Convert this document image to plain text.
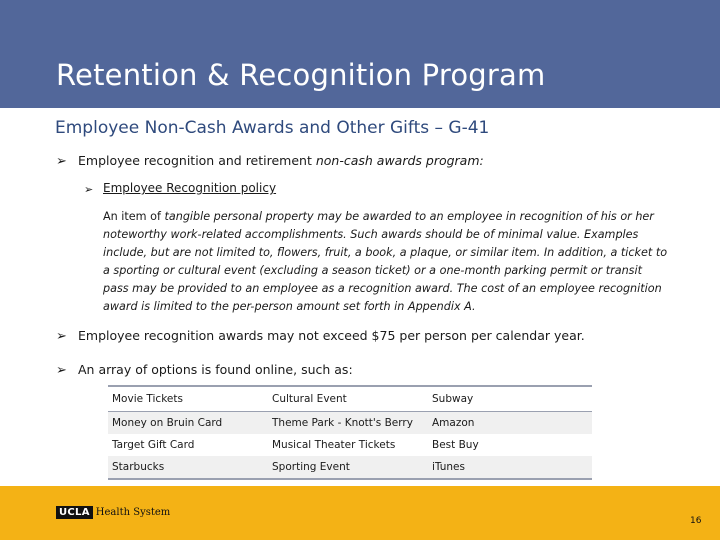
Retention & Recognition Program
Employee Non-Cash Awards and Other Gifts – G-41
➢ Employee recognition and retirement non-cash awards program:
➢ Employee Recognition policy
An item of tangible personal property may be awarded to an employee in recognition of his or her noteworthy work-related accomplishments. Such awards should be of minimal value. Examples include, but are not limited to, flowers, fruit, a book, a plaque, or similar item. In addition, a ticket to a sporting or cultural event (excluding a season ticket) or a one-month parking permit or transit pass may be provided to an employee as a recognition award. The cost of an employee recognition award is limited to the per-person amount set forth in Appendix A.
➢ Employee recognition awards may not exceed $75 per person per calendar year.
➢ An array of options is found online, such as:
Movie Tickets	Cultural Event	Subway
Money on Bruin Card	Theme Park - Knott's Berry	Amazon
Target Gift Card	Musical Theater Tickets	Best Buy
Starbucks	Sporting Event	iTunes
UCLA Health System
16
